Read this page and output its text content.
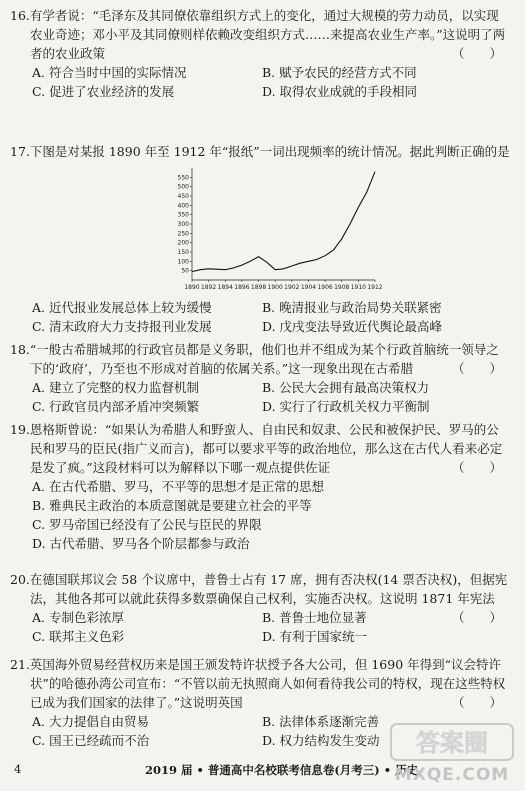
16.有学者说：“毛泽东及其同僚依靠组织方式上的变化，通过大规模的劳力动员，以实现农业奇迹；邓小平及其同僚则样依赖改变组织方式……来提高农业生产率。”这说明了两者的农业政策	（　　）
A. 符合当时中国的实际情况	B. 赋予农民的经营方式不同
C. 促进了农业经济的发展	D. 取得农业成就的手段相同
17.下图是对某报 1890 年至 1912 年“报纸”一词出现频率的统计情况。据此判断正确的是
50
100
150
200
250
300
350
400
450
500
550
1890 1892 1894 1896 1898 1900 1902 1904 1906 1908 1910 1912
A. 近代报业发展总体上较为缓慢	B. 晚清报业与政治局势关联紧密
C. 清末政府大力支持报刊业发展	D. 戊戌变法导致近代舆论最高峰
18.“一般古希腊城邦的行政官员都是义务职，他们也并不组成为某个行政首脑统一领导之下的‘政府’，乃至也不形成对首脑的依属关系。”这一现象出现在古希腊	（　　）
A. 建立了完整的权力监督机制	B. 公民大会拥有最高决策权力
C. 行政官员内部矛盾冲突频繁	D. 实行了行政机关权力平衡制
19.恩格斯曾说：“如果认为希腊人和野蛮人、自由民和奴隶、公民和被保护民、罗马的公民和罗马的臣民(指广义而言)，都可以要求平等的政治地位，那么这在古代人看来必定是发了疯。”这段材料可以为解释以下哪一观点提供佐证	（　　）
A. 在古代希腊、罗马，不平等的思想才是正常的思想
B. 雅典民主政治的本质意图就是要建立社会的平等
C. 罗马帝国已经没有了公民与臣民的界限
D. 古代希腊、罗马各个阶层都参与政治
20.在德国联邦议会 58 个议席中，普鲁士占有 17 席，拥有否决权(14 票否决权)，但据宪法，其他各邦可以就此获得多数票确保自己权利，实施否决权。这说明 1871 年宪法
（　　）
A. 专制色彩浓厚	B. 普鲁士地位显著
C. 联邦主义色彩	D. 有利于国家统一
21.英国海外贸易经营权历来是国王颁发特许状授予各大公司，但 1690 年得到“议会特许状”的哈德孙湾公司宣布：“不管以前无执照商人如何看待我公司的特权，现在这些特权已成为我们国家的法律了。”这说明英国	（　　）
A. 大力提倡自由贸易	B. 法律体系逐渐完善
C. 国王已经疏而不治	D. 权力结构发生变动
4	2019 届 • 普通高中名校联考信息卷(月考三) • 历史
答案圈
MXQE.COM
